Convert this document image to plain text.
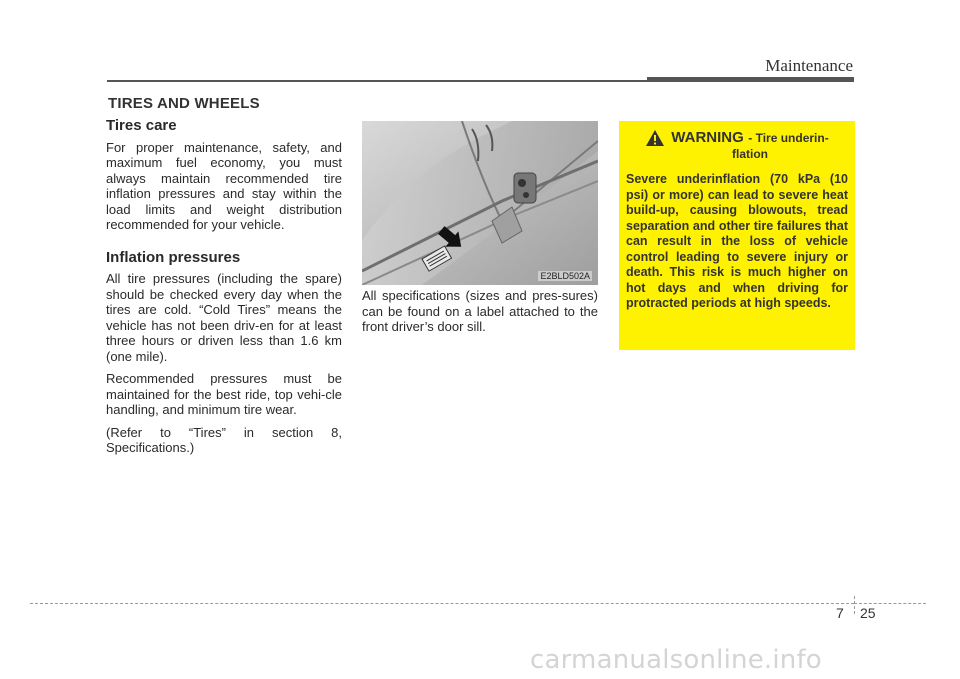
Maintenance
TIRES AND WHEELS
Tires care

For proper maintenance, safety, and maximum fuel economy, you must always maintain recommended tire inflation pressures and stay within the load limits and weight distribution recommended for your vehicle.

Inflation pressures

All tire pressures (including the spare) should be checked every day when the tires are cold. “Cold Tires” means the vehicle has not been driv-en for at least three hours or driven less than 1.6 km (one mile).

Recommended pressures must be maintained for the best ride, top vehi-cle handling, and minimum tire wear.

(Refer to “Tires” in section 8, Specifications.)

E2BLD502A

All specifications (sizes and pres-sures) can be found on a label attached to the front driver’s door sill.

WARNING - Tire underin-
flation
Severe underinflation (70 kPa (10 psi) or more) can lead to severe heat build-up, causing blowouts, tread separation and other tire failures that can result in the loss of vehicle control leading to severe injury or death. This risk is much higher on hot days and when driving for protracted periods at high speeds.
7 25
carmanualsonline.info
